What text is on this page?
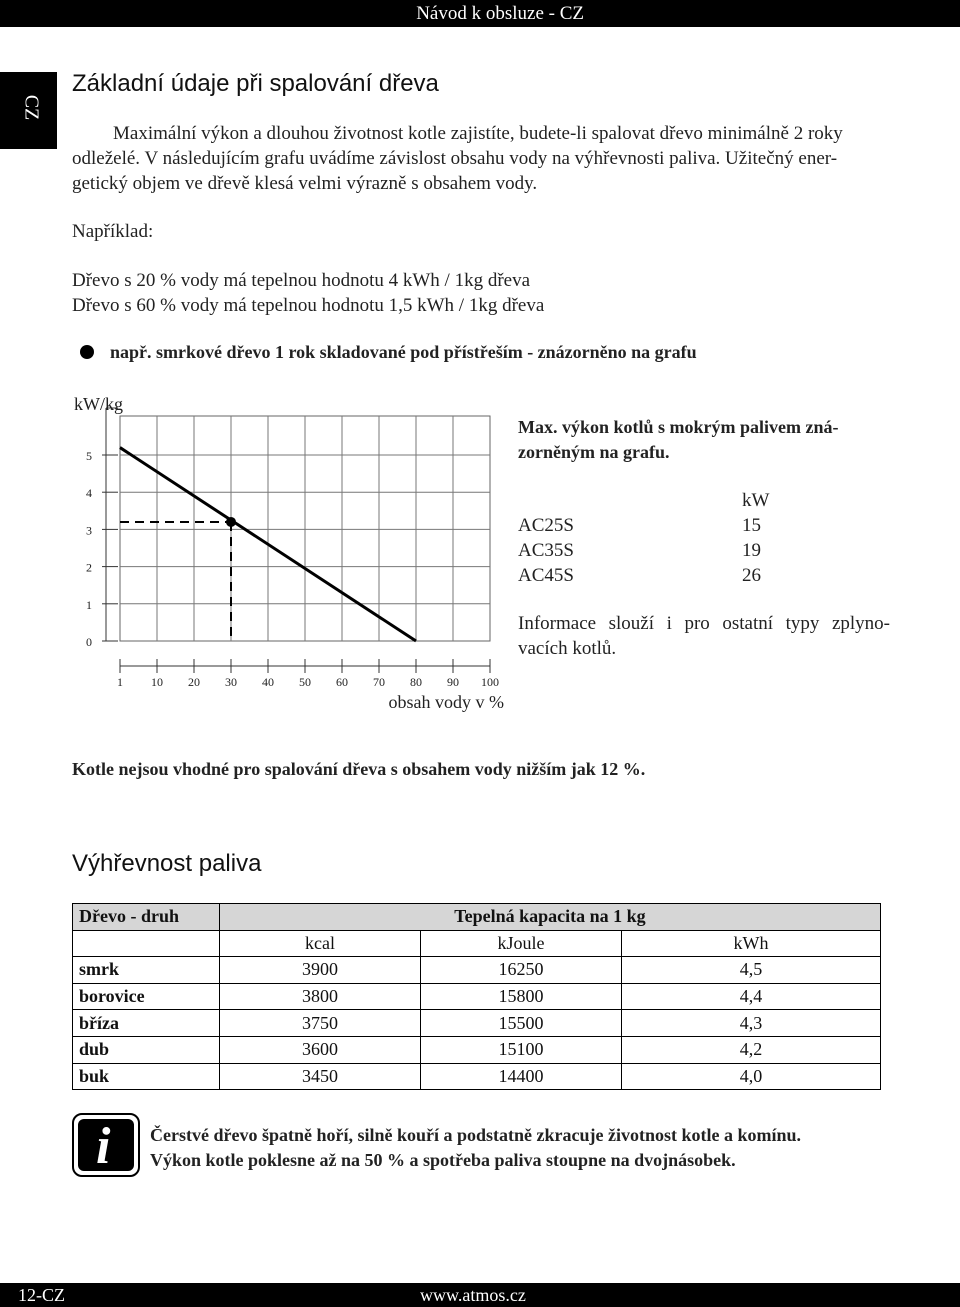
Návod k obsluze - CZ
CZ
Základní údaje při spalování dřeva
Maximální výkon a dlouhou životnost kotle zajistíte, budete-li spalovat dřevo minimálně 2 roky
odleželé. V následujícím grafu uvádíme závislost obsahu vody na výhřevnosti paliva. Užitečný ener-
getický objem ve dřevě klesá velmi výrazně s obsahem vody.
Například:
Dřevo s 20 % vody má tepelnou hodnotu 4 kWh / 1kg dřeva
Dřevo s 60 % vody má tepelnou hodnotu 1,5 kWh / 1kg dřeva
např. smrkové dřevo 1 rok skladované pod přístřeším - znázorněno na grafu
0
1
2
3
4
5
kW/kg
1 10 20 30 40 50 60 70 80 90 100
obsah vody v %
Max. výkon kotlů s mokrým palivem zná-
zorněným na grafu.
kW
AC25S	15
AC35S	19
AC45S	26
Informace slouží i pro ostatní typy zplyno-
vacích kotlů.
Kotle nejsou vhodné pro spalování dřeva s obsahem vody nižším jak 12 %.
Výhřevnost paliva
Dřevo - druh	Tepelná kapacita na 1 kg		
	kcal	kJoule	kWh
smrk	3900	16250	4,5
borovice	3800	15800	4,4
bříza	3750	15500	4,3
dub	3600	15100	4,2
buk	3450	14400	4,0
i Čerstvé dřevo špatně hoří, silně kouří a podstatně zkracuje životnost kotle a komínu.
Výkon kotle poklesne až na 50 % a spotřeba paliva stoupne na dvojnásobek.
12-CZ	www.atmos.cz
